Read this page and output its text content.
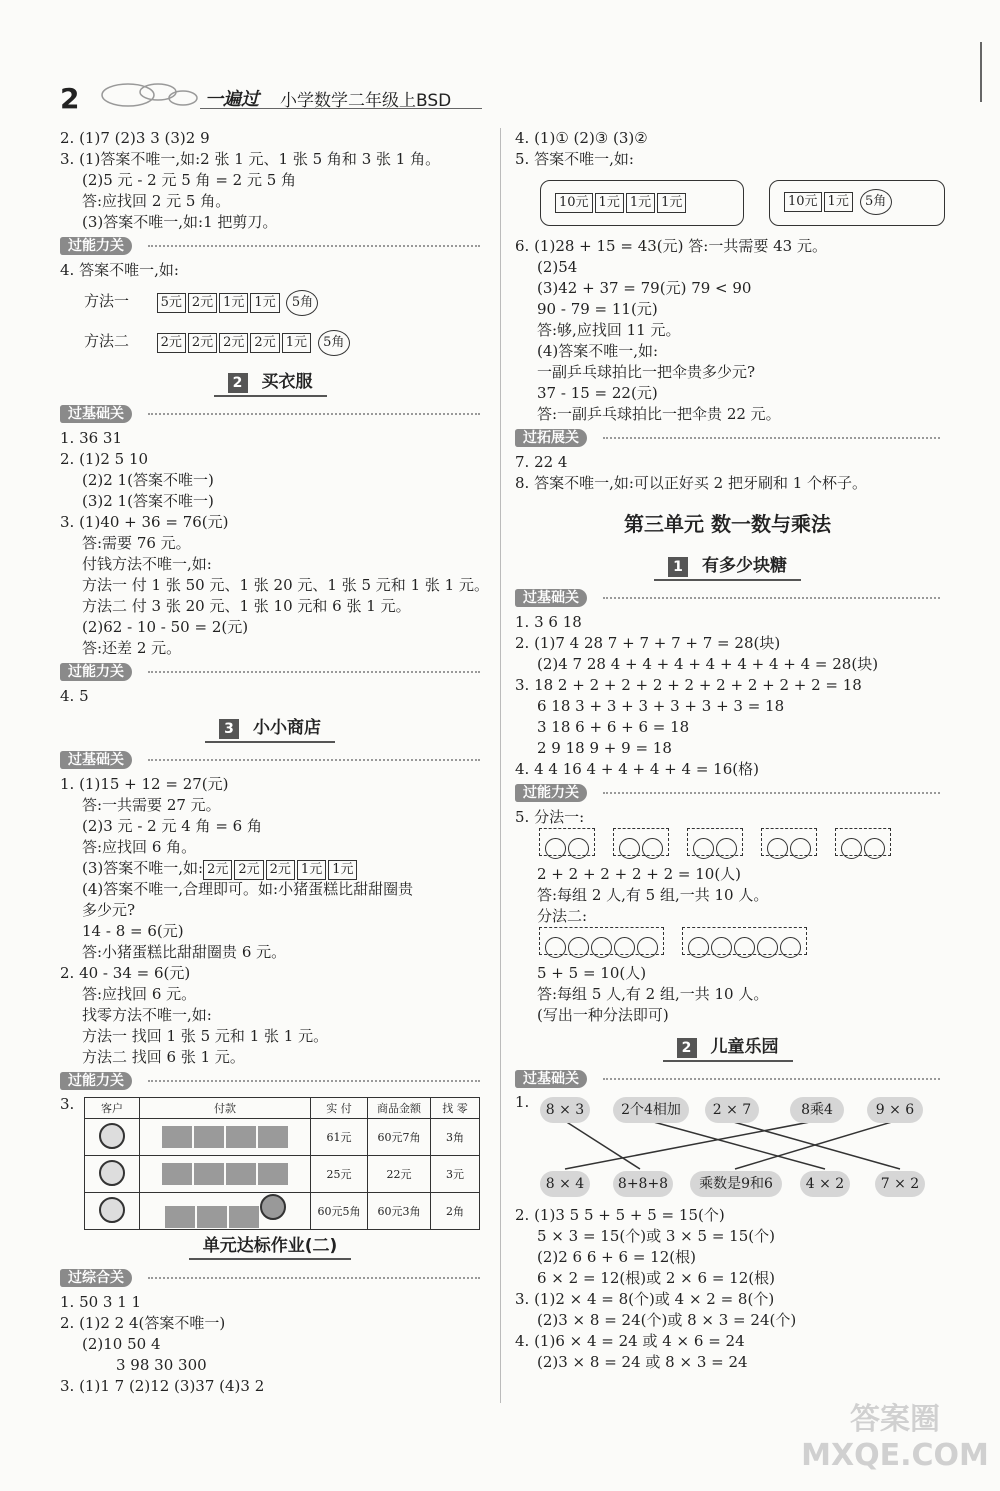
2	一遍过 小学数学二年级上BSD
2. (1)7 (2)3 3 (3)2 9
3. (1)答案不唯一,如:2 张 1 元、1 张 5 角和 3 张 1 角。
(2)5 元 - 2 元 5 角 = 2 元 5 角
答:应找回 2 元 5 角。
(3)答案不唯一,如:1 把剪刀。
过能力关
4. 答案不唯一,如:
方法一 5元 2元 1元 1元 5角
方法二 2元 2元 2元 2元 1元 5角
2 买衣服
过基础关
1. 36 31
2. (1)2 5 10
(2)2 1(答案不唯一)
(3)2 1(答案不唯一)
3. (1)40 + 36 = 76(元)
答:需要 76 元。
付钱方法不唯一,如:
方法一 付 1 张 50 元、1 张 20 元、1 张 5 元和 1 张 1 元。
方法二 付 3 张 20 元、1 张 10 元和 6 张 1 元。
(2)62 - 10 - 50 = 2(元)
答:还差 2 元。
过能力关
4. 5
3 小小商店
过基础关
1. (1)15 + 12 = 27(元)
答:一共需要 27 元。
(2)3 元 - 2 元 4 角 = 6 角
答:应找回 6 角。
(3)答案不唯一,如: 2元 2元 2元 1元 1元
(4)答案不唯一,合理即可。如:小猪蛋糕比甜甜圈贵
多少元?
14 - 8 = 6(元)
答:小猪蛋糕比甜甜圈贵 6 元。
2. 40 - 34 = 6(元)
答:应找回 6 元。
找零方法不唯一,如:
方法一 找回 1 张 5 元和 1 张 1 元。
方法二 找回 6 张 1 元。
过能力关
3. 客户	付款	实 付	商品金额	找 零
		61元	60元7角	3角
		25元	22元	3元
		60元5角	60元3角	2角
单元达标作业(二)
过综合关
1. 50 3 1 1
2. (1)2 2 4(答案不唯一)
(2)10 50 4
3 98 30 300
3. (1)1 7 (2)12 (3)37 (4)3 2
4. (1)① (2)③ (3)②
5. 答案不唯一,如:
10元 1元 1元 1元	10元 1元 5角
6. (1)28 + 15 = 43(元) 答:一共需要 43 元。
(2)54
(3)42 + 37 = 79(元) 79 < 90
90 - 79 = 11(元)
答:够,应找回 11 元。
(4)答案不唯一,如:
一副乒乓球拍比一把伞贵多少元?
37 - 15 = 22(元)
答:一副乒乓球拍比一把伞贵 22 元。
过拓展关
7. 22 4
8. 答案不唯一,如:可以正好买 2 把牙刷和 1 个杯子。
第三单元 数一数与乘法
1 有多少块糖
过基础关
1. 3 6 18
2. (1)7 4 28 7 + 7 + 7 + 7 = 28(块)
(2)4 7 28 4 + 4 + 4 + 4 + 4 + 4 + 4 = 28(块)
3. 18 2 + 2 + 2 + 2 + 2 + 2 + 2 + 2 + 2 = 18
6 18 3 + 3 + 3 + 3 + 3 + 3 = 18
3 18 6 + 6 + 6 = 18
2 9 18 9 + 9 = 18
4. 4 4 16 4 + 4 + 4 + 4 = 16(格)
过能力关
5. 分法一:
2 + 2 + 2 + 2 + 2 = 10(人)
答:每组 2 人,有 5 组,一共 10 人。
分法二:
5 + 5 = 10(人)
答:每组 5 人,有 2 组,一共 10 人。
(写出一种分法即可)
2 儿童乐园
过基础关
1.	8 × 3	2个4相加	2 × 7	8乘4	9 × 6
8 × 4	8+8+8	乘数是9和6	4 × 2	7 × 2
2. (1)3 5 5 + 5 + 5 = 15(个)
5 × 3 = 15(个)或 3 × 5 = 15(个)
(2)2 6 6 + 6 = 12(根)
6 × 2 = 12(根)或 2 × 6 = 12(根)
3. (1)2 × 4 = 8(个)或 4 × 2 = 8(个)
(2)3 × 8 = 24(个)或 8 × 3 = 24(个)
4. (1)6 × 4 = 24 或 4 × 6 = 24
(2)3 × 8 = 24 或 8 × 3 = 24
答案圈 MXQE.COM
